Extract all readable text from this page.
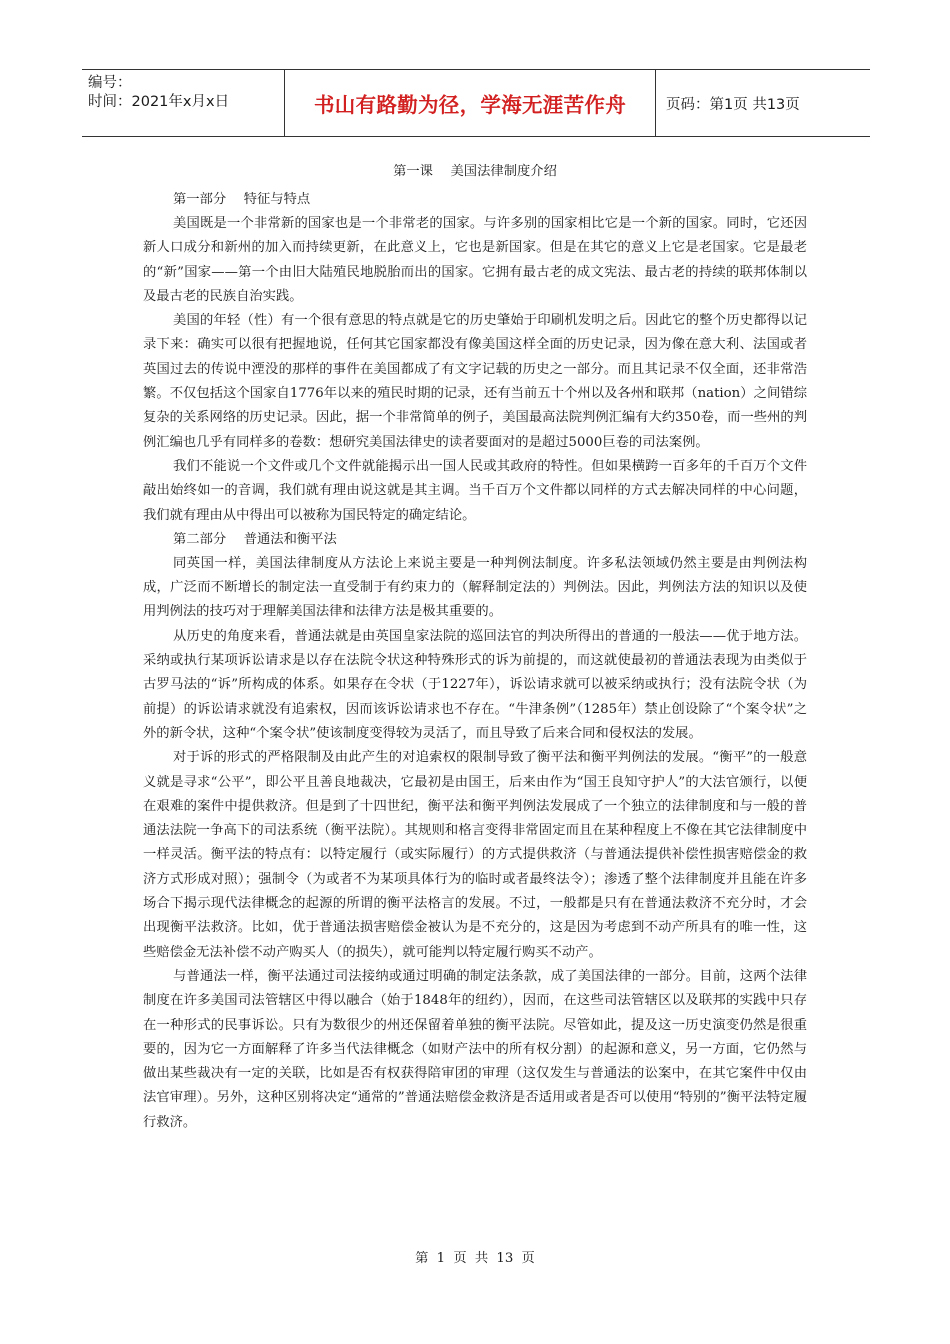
编号：
时间：2021年x月x日	书山有路勤为径，学海无涯苦作舟	页码：第1页 共13页
第一课　 美国法律制度介绍

第一部分　 特征与特点

美国既是一个非常新的国家也是一个非常老的国家。与许多别的国家相比它是一个新的国家。同时，它还因新人口成分和新州的加入而持续更新，在此意义上，它也是新国家。但是在其它的意义上它是老国家。它是最老的“新”国家——第一个由旧大陆殖民地脱胎而出的国家。它拥有最古老的成文宪法、最古老的持续的联邦体制以及最古老的民族自治实践。

美国的年轻（性）有一个很有意思的特点就是它的历史肇始于印刷机发明之后。因此它的整个历史都得以记录下来：确实可以很有把握地说，任何其它国家都没有像美国这样全面的历史记录，因为像在意大利、法国或者英国过去的传说中湮没的那样的事件在美国都成了有文字记载的历史之一部分。而且其记录不仅全面，还非常浩繁。不仅包括这个国家自1776年以来的殖民时期的记录，还有当前五十个州以及各州和联邦（nation）之间错综复杂的关系网络的历史记录。因此，据一个非常简单的例子，美国最高法院判例汇编有大约350卷，而一些州的判例汇编也几乎有同样多的卷数：想研究美国法律史的读者要面对的是超过5000巨卷的司法案例。

我们不能说一个文件或几个文件就能揭示出一国人民或其政府的特性。但如果横跨一百多年的千百万个文件敲出始终如一的音调，我们就有理由说这就是其主调。当千百万个文件都以同样的方式去解决同样的中心问题，我们就有理由从中得出可以被称为国民特定的确定结论。

第二部分　 普通法和衡平法

同英国一样，美国法律制度从方法论上来说主要是一种判例法制度。许多私法领域仍然主要是由判例法构成，广泛而不断增长的制定法一直受制于有约束力的（解释制定法的）判例法。因此，判例法方法的知识以及使用判例法的技巧对于理解美国法律和法律方法是极其重要的。

从历史的角度来看，普通法就是由英国皇家法院的巡回法官的判决所得出的普通的一般法——优于地方法。采纳或执行某项诉讼请求是以存在法院令状这种特殊形式的诉为前提的，而这就使最初的普通法表现为由类似于古罗马法的“诉”所构成的体系。如果存在令状（于1227年），诉讼请求就可以被采纳或执行；没有法院令状（为前提）的诉讼请求就没有追索权，因而该诉讼请求也不存在。“牛津条例”（1285年）禁止创设除了“个案令状”之外的新令状，这种“个案令状”使该制度变得较为灵活了，而且导致了后来合同和侵权法的发展。

对于诉的形式的严格限制及由此产生的对追索权的限制导致了衡平法和衡平判例法的发展。“衡平”的一般意义就是寻求“公平”，即公平且善良地裁决，它最初是由国王，后来由作为“国王良知守护人”的大法官颁行，以便在艰难的案件中提供救济。但是到了十四世纪，衡平法和衡平判例法发展成了一个独立的法律制度和与一般的普通法法院一争高下的司法系统（衡平法院）。其规则和格言变得非常固定而且在某种程度上不像在其它法律制度中一样灵活。衡平法的特点有：以特定履行（或实际履行）的方式提供救济（与普通法提供补偿性损害赔偿金的救济方式形成对照）；强制令（为或者不为某项具体行为的临时或者最终法令）；渗透了整个法律制度并且能在许多场合下揭示现代法律概念的起源的所谓的衡平法格言的发展。不过，一般都是只有在普通法救济不充分时，才会出现衡平法救济。比如，优于普通法损害赔偿金被认为是不充分的，这是因为考虑到不动产所具有的唯一性，这些赔偿金无法补偿不动产购买人（的损失），就可能判以特定履行购买不动产。

与普通法一样，衡平法通过司法接纳或通过明确的制定法条款，成了美国法律的一部分。目前，这两个法律制度在许多美国司法管辖区中得以融合（始于1848年的纽约），因而，在这些司法管辖区以及联邦的实践中只存在一种形式的民事诉讼。只有为数很少的州还保留着单独的衡平法院。尽管如此，提及这一历史演变仍然是很重要的，因为它一方面解释了许多当代法律概念（如财产法中的所有权分割）的起源和意义，另一方面，它仍然与做出某些裁决有一定的关联，比如是否有权获得陪审团的审理（这仅发生与普通法的讼案中，在其它案件中仅由法官审理）。另外，这种区别将决定“通常的”普通法赔偿金救济是否适用或者是否可以使用“特别的”衡平法特定履行救济。

第 1 页 共 13 页
